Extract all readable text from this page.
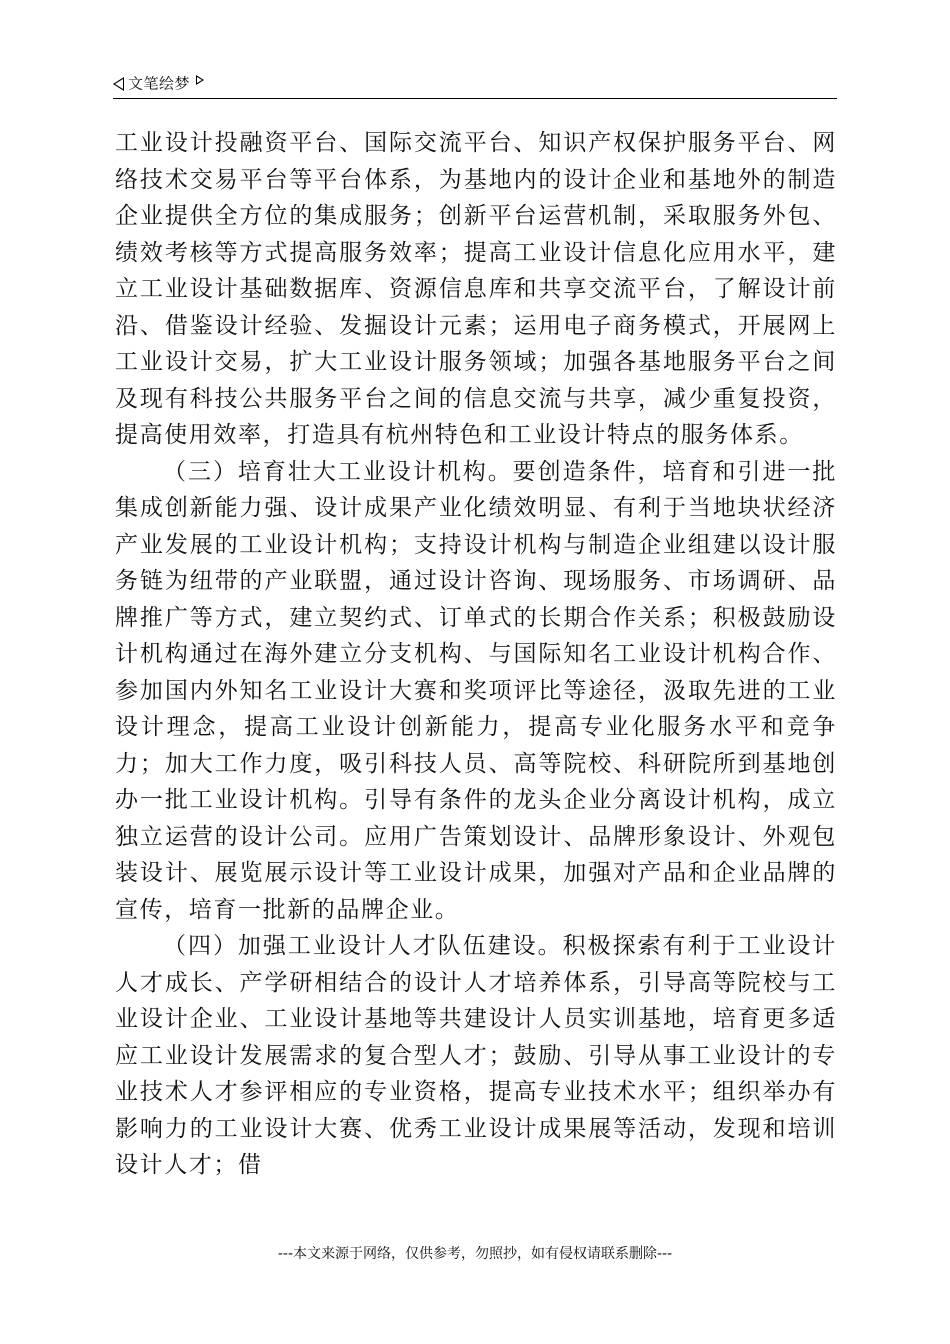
文笔绘梦

工业设计投融资平台、国际交流平台、知识产权保护服务平台、网络技术交易平台等平台体系，为基地内的设计企业和基地外的制造企业提供全方位的集成服务；创新平台运营机制，采取服务外包、绩效考核等方式提高服务效率；提高工业设计信息化应用水平，建立工业设计基础数据库、资源信息库和共享交流平台，了解设计前沿、借鉴设计经验、发掘设计元素；运用电子商务模式，开展网上工业设计交易，扩大工业设计服务领域；加强各基地服务平台之间及现有科技公共服务平台之间的信息交流与共享，减少重复投资，提高使用效率，打造具有杭州特色和工业设计特点的服务体系。

（三）培育壮大工业设计机构。要创造条件，培育和引进一批集成创新能力强、设计成果产业化绩效明显、有利于当地块状经济产业发展的工业设计机构；支持设计机构与制造企业组建以设计服务链为纽带的产业联盟，通过设计咨询、现场服务、市场调研、品牌推广等方式，建立契约式、订单式的长期合作关系；积极鼓励设计机构通过在海外建立分支机构、与国际知名工业设计机构合作、参加国内外知名工业设计大赛和奖项评比等途径，汲取先进的工业设计理念，提高工业设计创新能力，提高专业化服务水平和竞争力；加大工作力度，吸引科技人员、高等院校、科研院所到基地创办一批工业设计机构。引导有条件的龙头企业分离设计机构，成立独立运营的设计公司。应用广告策划设计、品牌形象设计、外观包装设计、展览展示设计等工业设计成果，加强对产品和企业品牌的宣传，培育一批新的品牌企业。

（四）加强工业设计人才队伍建设。积极探索有利于工业设计人才成长、产学研相结合的设计人才培养体系，引导高等院校与工业设计企业、工业设计基地等共建设计人员实训基地，培育更多适应工业设计发展需求的复合型人才；鼓励、引导从事工业设计的专业技术人才参评相应的专业资格，提高专业技术水平；组织举办有影响力的工业设计大赛、优秀工业设计成果展等活动，发现和培训设计人才；借

---本文来源于网络，仅供参考，勿照抄，如有侵权请联系删除---
